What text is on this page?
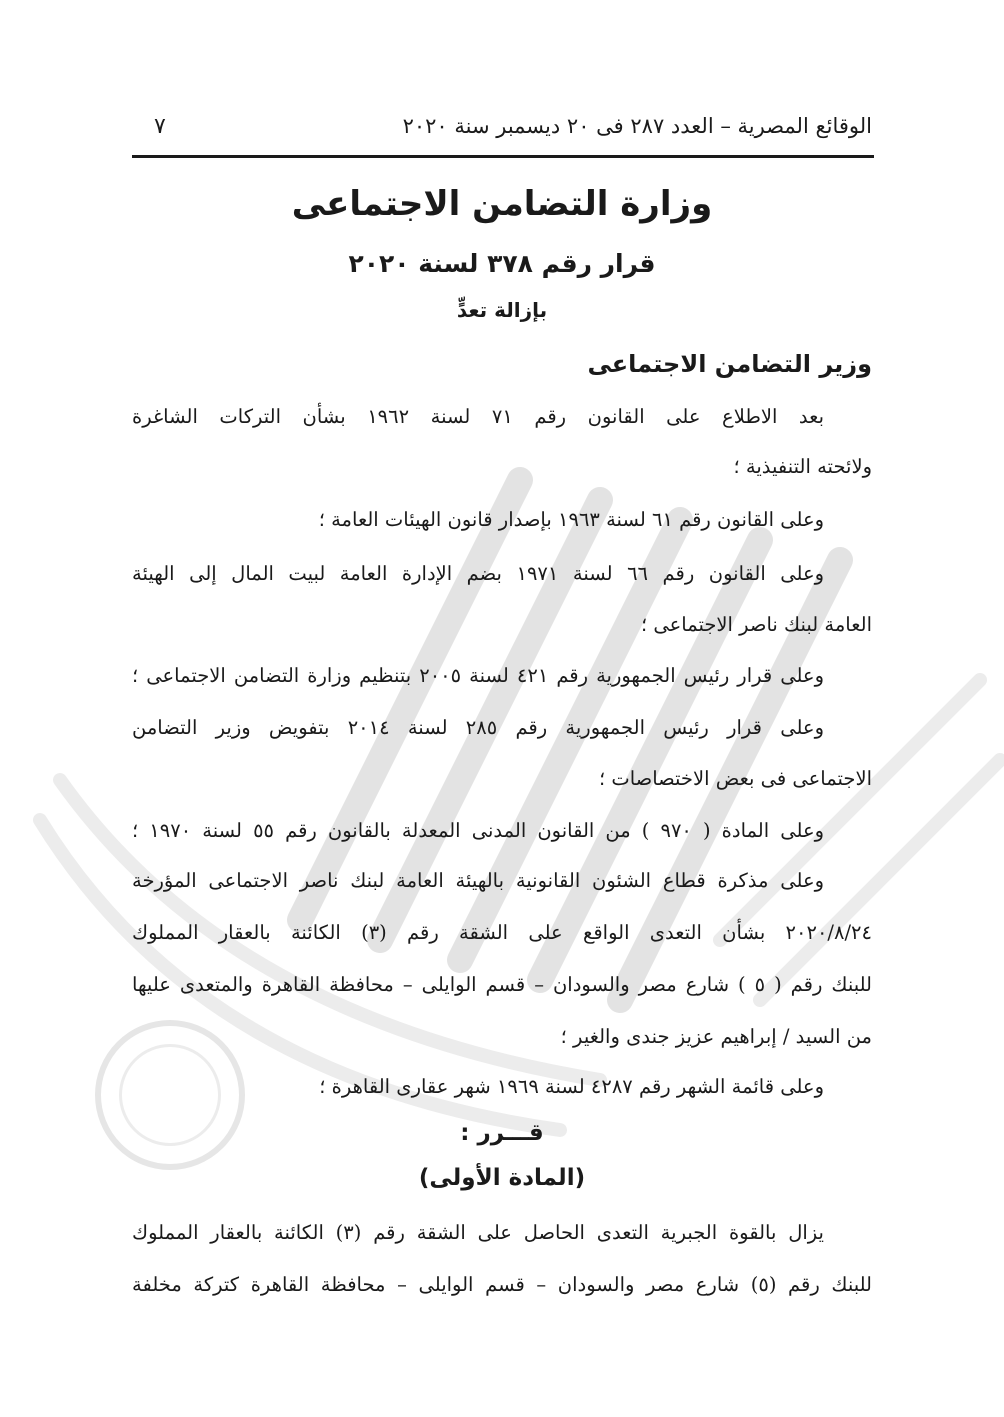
الوقائع المصرية – العدد ٢٨٧ فى ٢٠ ديسمبر سنة ٢٠٢٠
٧
وزارة التضامن الاجتماعى
قرار رقم ٣٧٨ لسنة ٢٠٢٠
بإزالة تعدٍّ
وزير التضامن الاجتماعى
بعد الاطلاع على القانون رقم ٧١ لسنة ١٩٦٢ بشأن التركات الشاغرة
ولائحته التنفيذية ؛
وعلى القانون رقم ٦١ لسنة ١٩٦٣ بإصدار قانون الهيئات العامة ؛
وعلى القانون رقم ٦٦ لسنة ١٩٧١ بضم الإدارة العامة لبيت المال إلى الهيئة
العامة لبنك ناصر الاجتماعى ؛
وعلى قرار رئيس الجمهورية رقم ٤٢١ لسنة ٢٠٠٥ بتنظيم وزارة التضامن الاجتماعى ؛
وعلى قرار رئيس الجمهورية رقم ٢٨٥ لسنة ٢٠١٤ بتفويض وزير التضامن
الاجتماعى فى بعض الاختصاصات ؛
وعلى المادة ( ٩٧٠ ) من القانون المدنى المعدلة بالقانون رقم ٥٥ لسنة ١٩٧٠ ؛
وعلى مذكرة قطاع الشئون القانونية بالهيئة العامة لبنك ناصر الاجتماعى المؤرخة
٢٠٢٠/٨/٢٤ بشأن التعدى الواقع على الشقة رقم (٣) الكائنة بالعقار المملوك
للبنك رقم ( ٥ ) شارع مصر والسودان – قسم الوايلى – محافظة القاهرة والمتعدى عليها
من السيد / إبراهيم عزيز جندى والغير ؛
وعلى قائمة الشهر رقم ٤٢٨٧ لسنة ١٩٦٩ شهر عقارى القاهرة ؛
قـــرر :
(المادة الأولى)
يزال بالقوة الجبرية التعدى الحاصل على الشقة رقم (٣) الكائنة بالعقار المملوك
للبنك رقم (٥) شارع مصر والسودان – قسم الوايلى – محافظة القاهرة كتركة مخلفة
